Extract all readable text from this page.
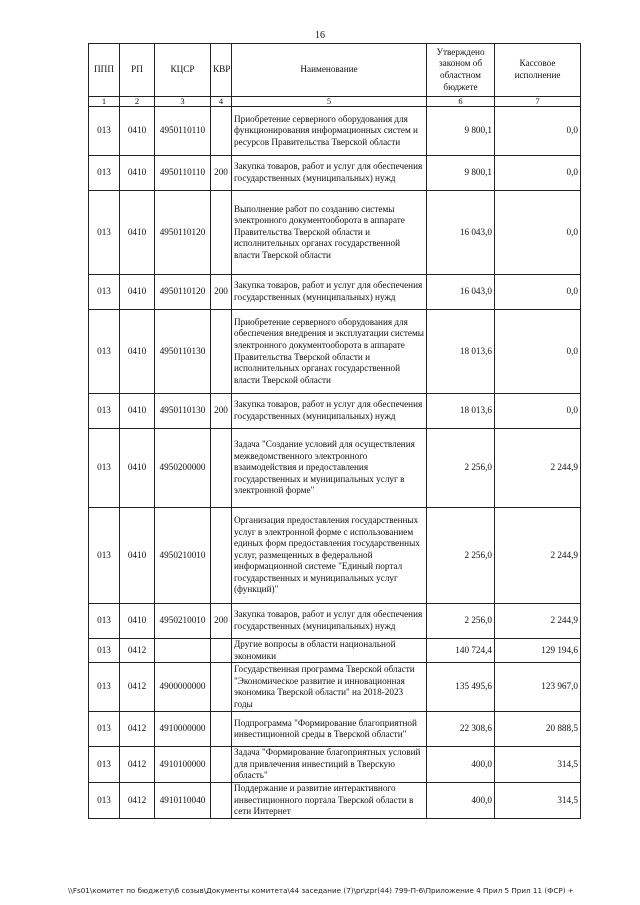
16
ППП	РП	КЦСР	КВР	Наименование	Утверждено законом об областном бюджете	Кассовое исполнение
1	2	3	4	5	6	7
013	0410	4950110110		Приобретение серверного оборудования для функционирования информационных систем и ресурсов Правительства Тверской области	9 800,1	0,0
013	0410	4950110110	200	Закупка товаров, работ и услуг для обеспечения государственных (муниципальных) нужд	9 800,1	0,0
013	0410	4950110120		Выполнение работ по созданию системы электронного документооборота в аппарате Правительства Тверской области и исполнительных органах государственной власти Тверской области	16 043,0	0,0
013	0410	4950110120	200	Закупка товаров, работ и услуг для обеспечения государственных (муниципальных) нужд	16 043,0	0,0
013	0410	4950110130		Приобретение серверного оборудования для обеспечения внедрения и эксплуатации системы электронного документооборота в аппарате Правительства Тверской области и исполнительных органах государственной власти Тверской области	18 013,6	0,0
013	0410	4950110130	200	Закупка товаров, работ и услуг для обеспечения государственных (муниципальных) нужд	18 013,6	0,0
013	0410	4950200000		Задача "Создание условий для осуществления межведомственного электронного взаимодействия и предоставления государственных и муниципальных услуг в электронной форме"	2 256,0	2 244,9
013	0410	4950210010		Организация предоставления государственных услуг в электронной форме с использованием единых форм предоставления государственных услуг, размещенных в федеральной информационной системе "Единый портал государственных и муниципальных услуг (функций)"	2 256,0	2 244,9
013	0410	4950210010	200	Закупка товаров, работ и услуг для обеспечения государственных (муниципальных) нужд	2 256,0	2 244,9
013	0412			Другие вопросы в области национальной экономики	140 724,4	129 194,6
013	0412	4900000000		Государственная программа Тверской области "Экономическое развитие и инновационная экономика Тверской области" на 2018-2023 годы	135 495,6	123 967,0
013	0412	4910000000		Подпрограмма "Формирование благоприятной инвестиционной среды в Тверской области"	22 308,6	20 888,5
013	0412	4910100000		Задача "Формирование благоприятных условий для привлечения инвестиций в Тверскую область"	400,0	314,5
013	0412	4910110040		Поддержание и развитие интерактивного инвестиционного портала Тверской области в сети Интернет	400,0	314,5
\\Fs01\комитет по бюджету\6 созыв\Документы комитета\44 заседание (7)\pr\zpr(44) 799-П-6\Приложение 4 Прил 5 Прил 11 (ФСР) +
